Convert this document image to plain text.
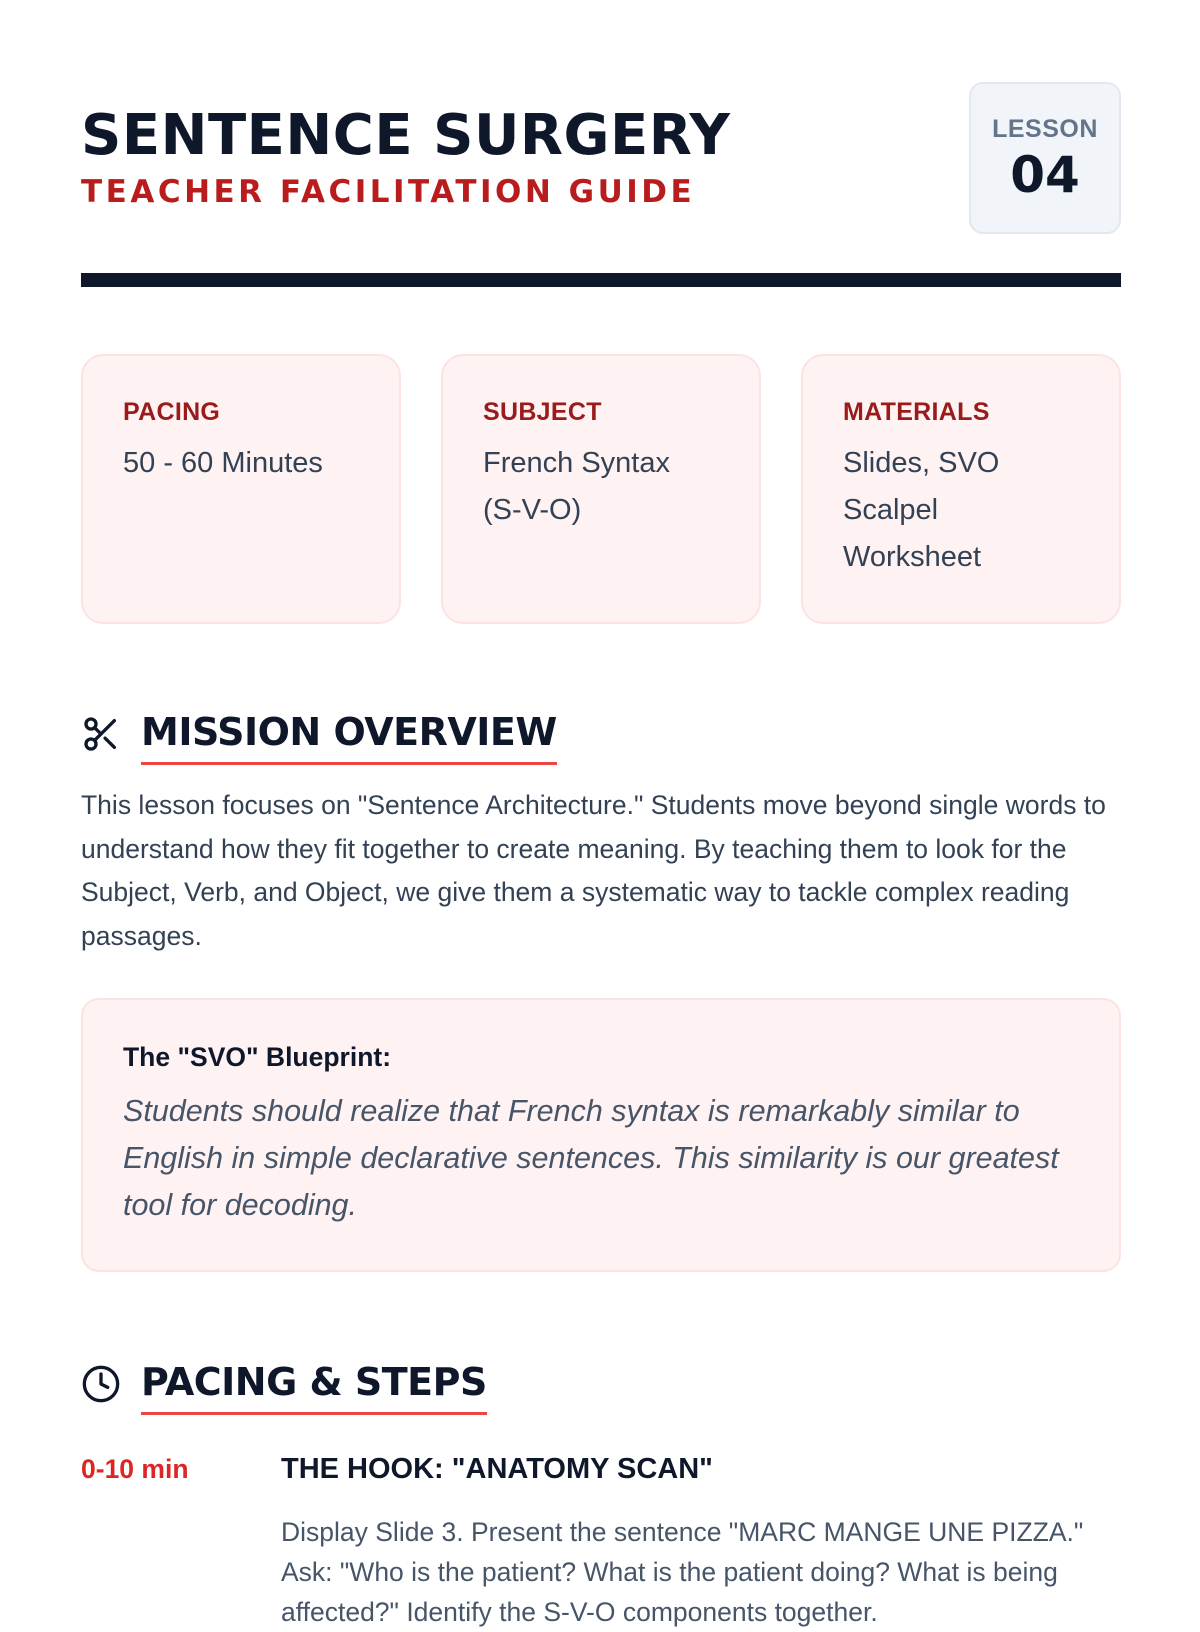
SENTENCE SURGERY
TEACHER FACILITATION GUIDE
LESSON
04
PACING
50 - 60 Minutes
SUBJECT
French Syntax (S-V-O)
MATERIALS
Slides, SVO Scalpel Worksheet
MISSION OVERVIEW

This lesson focuses on "Sentence Architecture." Students move beyond single words to understand how they fit together to create meaning. By teaching them to look for the Subject, Verb, and Object, we give them a systematic way to tackle complex reading passages.

The "SVO" Blueprint:
Students should realize that French syntax is remarkably similar to English in simple declarative sentences. This similarity is our greatest tool for decoding.
PACING & STEPS
0-10 min	THE HOOK: "ANATOMY SCAN"

Display Slide 3. Present the sentence "MARC MANGE UNE PIZZA." Ask: "Who is the patient? What is the patient doing? What is being affected?" Identify the S-V-O components together.
